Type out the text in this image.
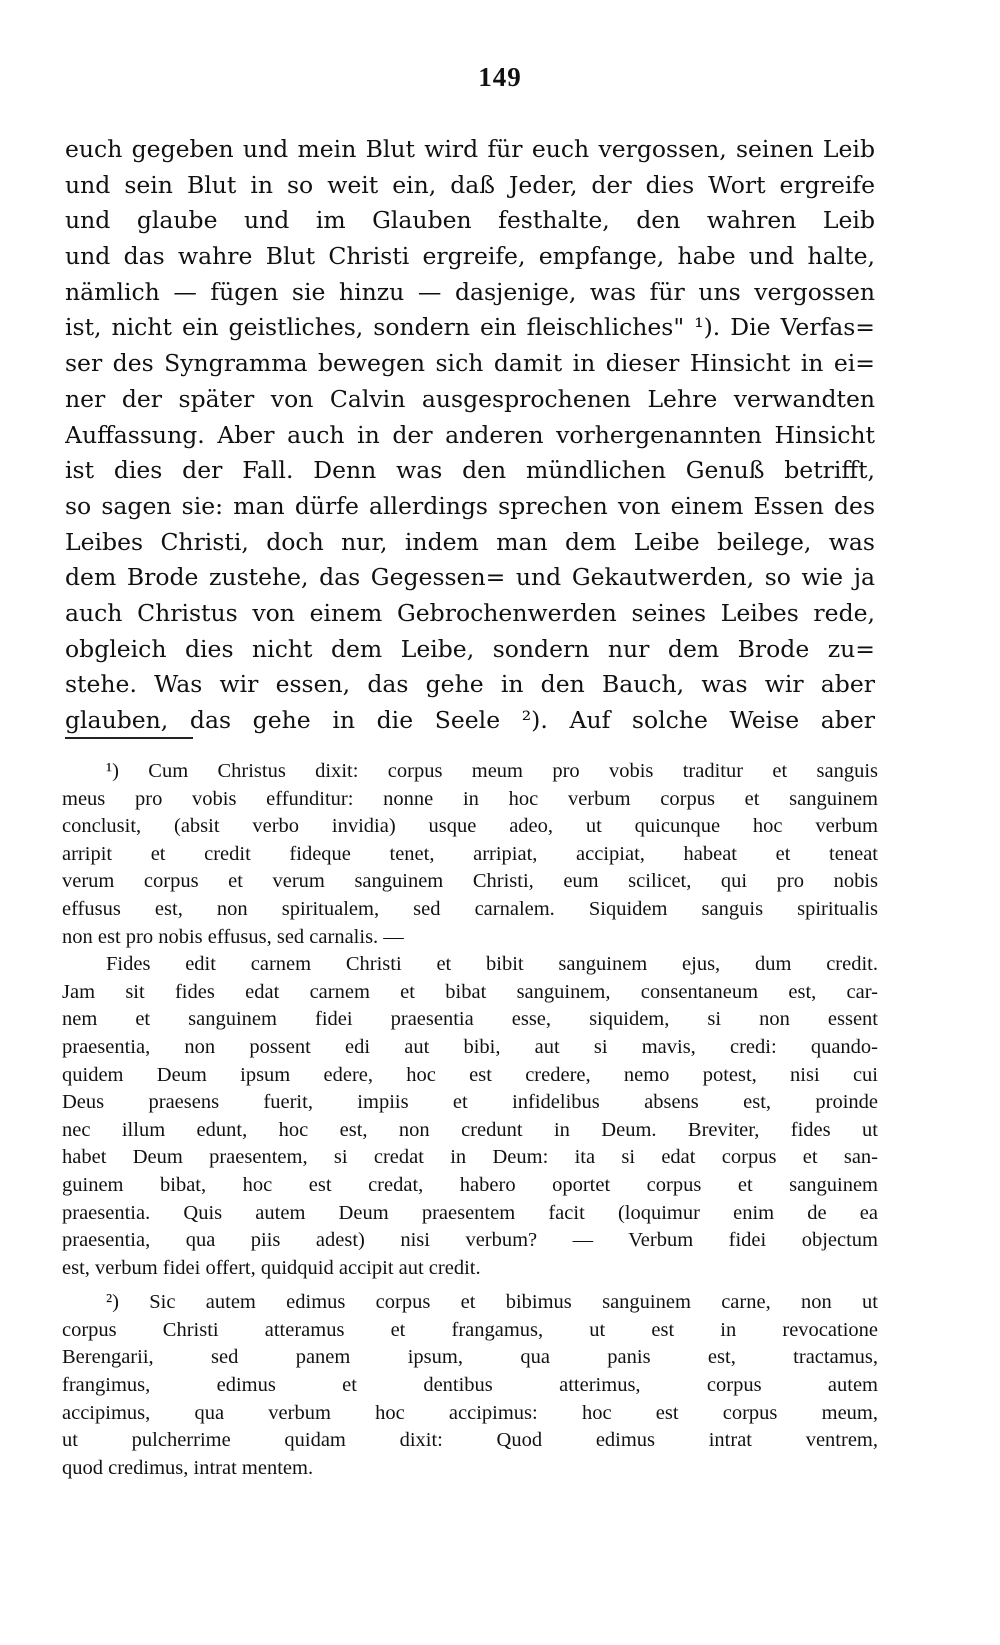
149
euch gegeben und mein Blut wird für euch vergossen, seinen Leib
und sein Blut in so weit ein, daß Jeder, der dies Wort ergreife
und glaube und im Glauben festhalte, den wahren Leib
und das wahre Blut Christi ergreife, empfange, habe und halte,
nämlich — fügen sie hinzu — dasjenige, was für uns vergossen
ist, nicht ein geistliches, sondern ein fleischliches" ¹). Die Verfas=
ser des Syngramma bewegen sich damit in dieser Hinsicht in ei=
ner der später von Calvin ausgesprochenen Lehre verwandten
Auffassung. Aber auch in der anderen vorhergenannten Hinsicht
ist dies der Fall. Denn was den mündlichen Genuß betrifft,
so sagen sie: man dürfe allerdings sprechen von einem Essen des
Leibes Christi, doch nur, indem man dem Leibe beilege, was
dem Brode zustehe, das Gegessen= und Gekautwerden, so wie ja
auch Christus von einem Gebrochenwerden seines Leibes rede,
obgleich dies nicht dem Leibe, sondern nur dem Brode zu=
stehe. Was wir essen, das gehe in den Bauch, was wir aber
glauben, das gehe in die Seele ²). Auf solche Weise aber
¹) Cum Christus dixit: corpus meum pro vobis traditur et sanguis
meus pro vobis effunditur: nonne in hoc verbum corpus et sanguinem
conclusit, (absit verbo invidia) usque adeo, ut quicunque hoc verbum
arripit et credit fideque tenet, arripiat, accipiat, habeat et teneat
verum corpus et verum sanguinem Christi, eum scilicet, qui pro nobis
effusus est, non spiritualem, sed carnalem. Siquidem sanguis spiritualis
non est pro nobis effusus, sed carnalis. —
Fides edit carnem Christi et bibit sanguinem ejus, dum credit.
Jam sit fides edat carnem et bibat sanguinem, consentaneum est, car-
nem et sanguinem fidei praesentia esse, siquidem, si non essent
praesentia, non possent edi aut bibi, aut si mavis, credi: quando-
quidem Deum ipsum edere, hoc est credere, nemo potest, nisi cui
Deus praesens fuerit, impiis et infidelibus absens est, proinde
nec illum edunt, hoc est, non credunt in Deum. Breviter, fides ut
habet Deum praesentem, si credat in Deum: ita si edat corpus et san-
guinem bibat, hoc est credat, habero oportet corpus et sanguinem
praesentia. Quis autem Deum praesentem facit (loquimur enim de ea
praesentia, qua piis adest) nisi verbum? — Verbum fidei objectum
est, verbum fidei offert, quidquid accipit aut credit.
²) Sic autem edimus corpus et bibimus sanguinem carne, non ut
corpus Christi atteramus et frangamus, ut est in revocatione
Berengarii, sed panem ipsum, qua panis est, tractamus,
frangimus, edimus et dentibus atterimus, corpus autem
accipimus, qua verbum hoc accipimus: hoc est corpus meum,
ut pulcherrime quidam dixit: Quod edimus intrat ventrem,
quod credimus, intrat mentem.
